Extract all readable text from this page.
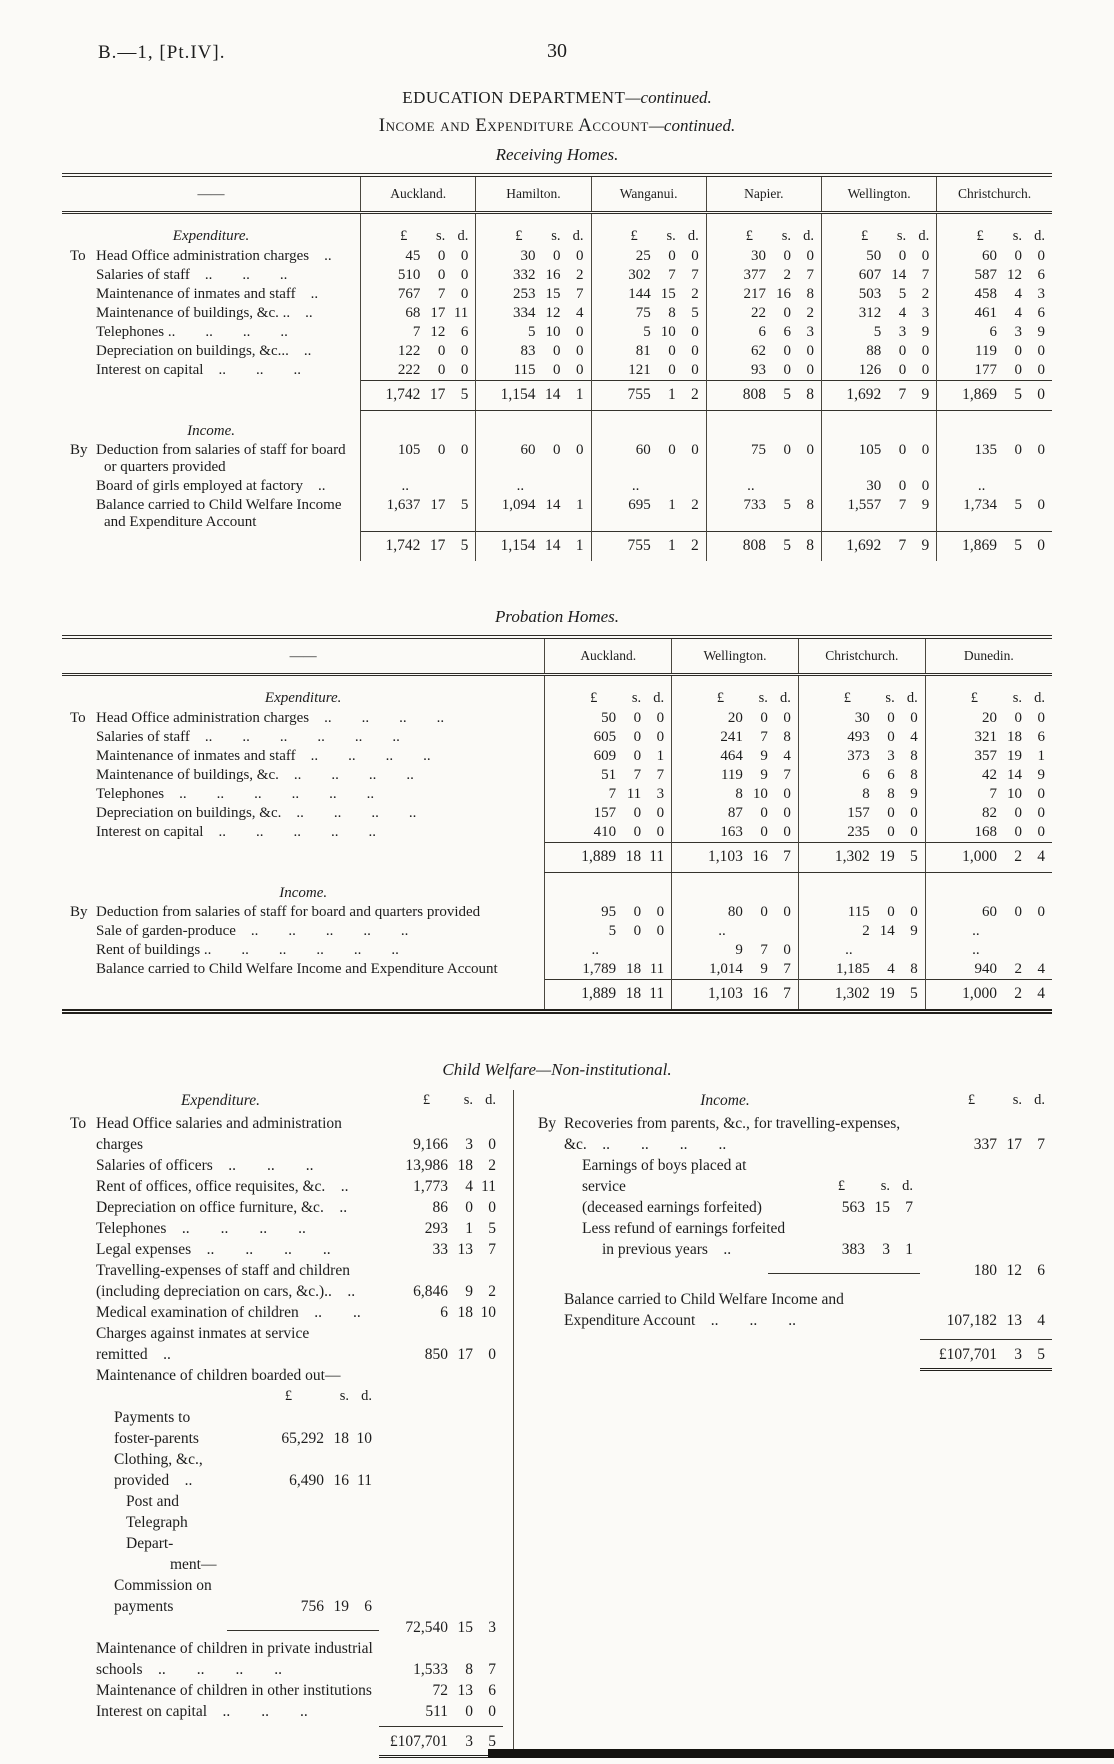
B.—1, [Pt.IV].	30
EDUCATION DEPARTMENT—continued.
Income and Expenditure Account—continued.
Receiving Homes.
——	Auckland.	Hamilton.	Wanganui.	Napier.	Wellington.	Christchurch.
Expenditure.	£ s. d.	£ s. d.	£ s. d.	£ s. d.	£ s. d.	£ s. d.

To Head Office administration charges ..	45 0 0	30 0 0	25 0 0	30 0 0	50 0 0	60 0 0

Salaries of staff ..  ..  ..	510 0 0	332 16 2	302 7 7	377 2 7	607 14 7	587 12 6

Maintenance of inmates and staff ..	767 7 0	253 15 7	144 15 2	217 16 8	503 5 2	458 4 3

Maintenance of buildings, &c. .. ..	68 17 11	334 12 4	75 8 5	22 0 2	312 4 3	461 4 6

Telephones ..  ..  ..  ..	7 12 6	5 10 0	5 10 0	6 6 3	5 3 9	6 3 9

Depreciation on buildings, &c... ..	122 0 0	83 0 0	81 0 0	62 0 0	88 0 0	119 0 0

Interest on capital ..  ..  ..	222 0 0	115 0 0	121 0 0	93 0 0	126 0 0	177 0 0

	1,742 17 5	1,154 14 1	755 1 2	808 5 8	1,692 7 9	1,869 5 0

Income.						
By Deduction from salaries of staff for board or quarters provided	105 0 0	60 0 0	60 0 0	75 0 0	105 0 0	135 0 0

Board of girls employed at factory ..	..	..	..	..	30 0 0	..

Balance carried to Child Welfare Income and Expenditure Account	1,637 17 5	1,094 14 1	695 1 2	733 5 8	1,557 7 9	1,734 5 0

	1,742 17 5	1,154 14 1	755 1 2	808 5 8	1,692 7 9	1,869 5 0
Probation Homes.
——	Auckland.	Wellington.	Christchurch.	Dunedin.
Expenditure.	£ s. d.	£ s. d.	£ s. d.	£ s. d.

To Head Office administration charges ..  ..  ..  ..	50 0 0	20 0 0	30 0 0	20 0 0

Salaries of staff ..  ..  ..  ..  ..  ..	605 0 0	241 7 8	493 0 4	321 18 6

Maintenance of inmates and staff ..  ..  ..  ..	609 0 1	464 9 4	373 3 8	357 19 1

Maintenance of buildings, &c. ..  ..  ..  ..	51 7 7	119 9 7	6 6 8	42 14 9

Telephones ..  ..  ..  ..  ..  ..	7 11 3	8 10 0	8 8 9	7 10 0

Depreciation on buildings, &c. ..  ..  ..  ..	157 0 0	87 0 0	157 0 0	82 0 0

Interest on capital ..  ..  ..  ..  ..	410 0 0	163 0 0	235 0 0	168 0 0

	1,889 18 11	1,103 16 7	1,302 19 5	1,000 2 4

Income.				
By Deduction from salaries of staff for board and quarters provided	95 0 0	80 0 0	115 0 0	60 0 0

Sale of garden-produce ..  ..  ..  ..  ..	5 0 0	..	2 14 9	..

Rent of buildings ..  ..  ..  ..  ..  ..	..	9 7 0	..	..

Balance carried to Child Welfare Income and Expenditure Account	1,789 18 11	1,014 9 7	1,185 4 8	940 2 4

	1,889 18 11	1,103 16 7	1,302 19 5	1,000 2 4
Child Welfare—Non-institutional.
Expenditure.	£	s. d.
To Head Office salaries and administration charges	9,166	3 0
Salaries of officers ..  ..  ..	13,986 18 2
Rent of offices, office requisites, &c. ..	1,773	4 11
Depreciation on office furniture, &c. ..	86	0 0
Telephones ..  ..  ..  ..	293	1 5
Legal expenses ..  ..  ..  ..	33 13 7
Travelling-expenses of staff and children (including depreciation on cars, &c.).. ..	6,846	9 2
Medical examination of children ..  ..	6 18 10
Charges against inmates at service remitted ..	850 17 0
Maintenance of children boarded out—
£	s. d.
Payments to foster-parents	65,292 18 10
Clothing, &c., provided ..	6,490 16 11
Post and Telegraph Depart-
ment—
Commission on payments	756 19 6
72,540 15 3
Maintenance of children in private industrial schools ..  ..  ..  ..	1,533	8 7
Maintenance of children in other institutions	72 13 6
Interest on capital ..  ..  ..	511	0 0
£107,701	3 5
Income.	£	s. d.
By Recoveries from parents, &c., for travelling-expenses, &c. ..  ..  ..  ..	337 17 7
Earnings of boys placed at service	£	s. d.
(deceased earnings forfeited)	563 15 7
Less refund of earnings forfeited in previous years ..	383	3 1
180 12 6
Balance carried to Child Welfare Income and Expenditure Account ..  ..  ..	107,182 13 4
£107,701	3 5
